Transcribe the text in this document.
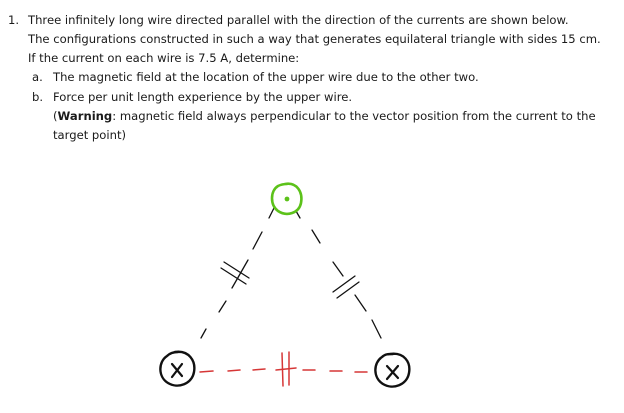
1. Three infinitely long wire directed parallel with the direction of the currents are shown below.
The configurations constructed in such a way that generates equilateral triangle with sides 15 cm.
If the current on each wire is 7.5 A, determine:
a. The magnetic field at the location of the upper wire due to the other two.
b. Force per unit length experience by the upper wire.
(Warning: magnetic field always perpendicular to the vector position from the current to the
target point)
